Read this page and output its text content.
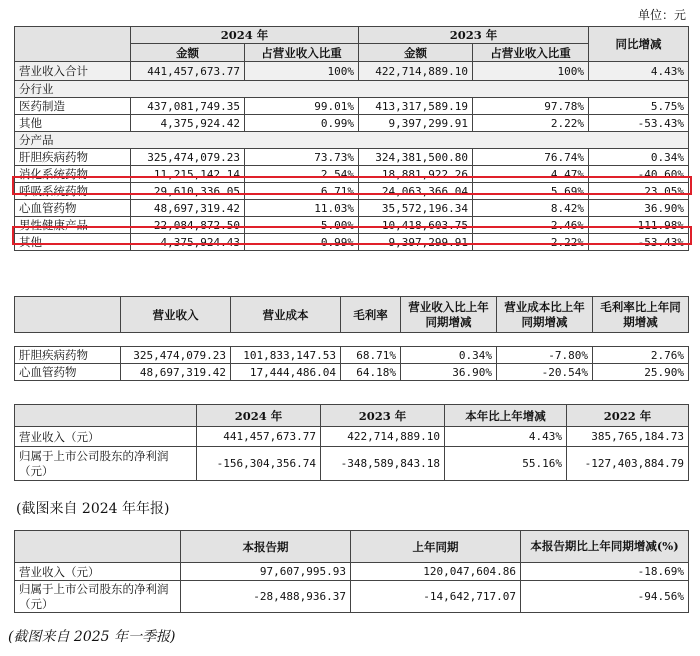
单位：元
	2024 年		2023 年		同比增减
	金额	占营业收入比重	金额	占营业收入比重	
营业收入合计	441,457,673.77	100%	422,714,889.10	100%	4.43%
分行业					
医药制造	437,081,749.35	99.01%	413,317,589.19	97.78%	5.75%
其他	4,375,924.42	0.99%	9,397,299.91	2.22%	-53.43%
分产品					
肝胆疾病药物	325,474,079.23	73.73%	324,381,500.80	76.74%	0.34%
消化系统药物	11,215,142.14	2.54%	18,881,922.26	4.47%	-40.60%
呼吸系统药物	29,610,336.05	6.71%	24,063,366.04	5.69%	23.05%
心血管药物	48,697,319.42	11.03%	35,572,196.34	8.42%	36.90%
男性健康产品	22,084,872.50	5.00%	10,418,603.75	2.46%	111.98%
其他	4,375,924.43	0.99%	9,397,299.91	2.22%	-53.43%
	营业收入	营业成本	毛利率	营业收入比上年同期增减	营业成本比上年同期增减	毛利率比上年同期增减

肝胆疾病药物	325,474,079.23	101,833,147.53	68.71%	0.34%	-7.80%	2.76%
心血管药物	48,697,319.42	17,444,486.04	64.18%	36.90%	-20.54%	25.90%
	2024 年	2023 年	本年比上年增减	2022 年
营业收入（元）	441,457,673.77	422,714,889.10	4.43%	385,765,184.73
归属于上市公司股东的净利润（元）	-156,304,356.74	-348,589,843.18	55.16%	-127,403,884.79
(截图来自 2024 年年报)
	本报告期	上年同期	本报告期比上年同期增减(%)
营业收入（元）	97,607,995.93	120,047,604.86	-18.69%
归属于上市公司股东的净利润（元）	-28,488,936.37	-14,642,717.07	-94.56%
(截图来自 2025 年一季报)
